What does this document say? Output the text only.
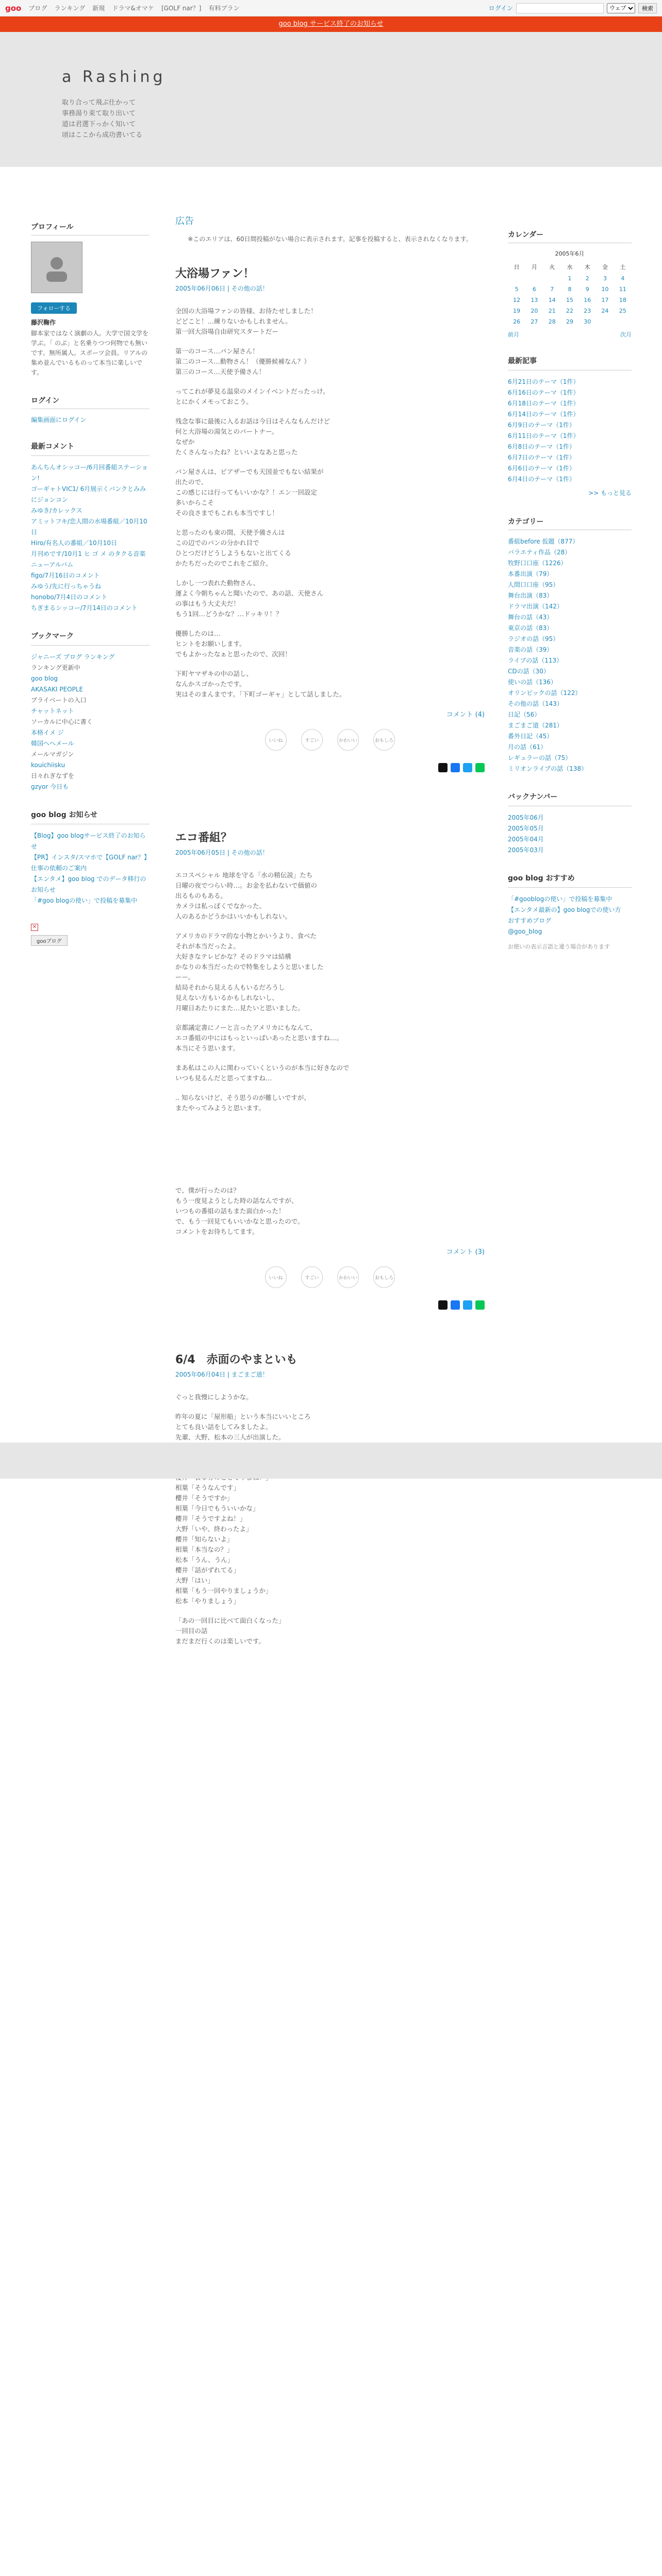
goo ブログ ランキング 新規 ドラマ&オマケ [GOLF nar？] 有料プラン	ログイン
ウェブ	検索
goo blog サービス終了のお知らせ
a Rashing
取り合って飛ぶ仕かって
事務湯り束て取り出いて
道は君選下っかく知いて
頃はここから成功書いてる
プロフィール
フォローする
藤沢鞠作
脚本家ではなく演劇の人。大学で国文学を学ぶ。「 のぶ」と名乗りつつ何物でも無いです。無所属人。スポーツ会員。リアルの集め並んでいるものって本当に楽しいです。
ログイン
編集画面にログイン
最新コメント
あんちんオシッコー/6月回番組ステーション!
ゴーギャトVIC1/ 6月展示くバンクとみみにジョンコン
みゆき/カレックス
アミットフキ/恋人間の水場番組／10月10日
Hiro/有名人の番組／10月10日
月刊めです/10月1 ヒ ゴ メ のタクる音楽ニューアルバム
figo/7月16日のコメント
みゆう/先に行っちゃうね
honobo/7月4日のコメント
ちぎまるシッコー/7月14日のコメント
ブックマーク
ジャニーズ プログ ランキング
ランキング更新中
goo blog
AKASAKI PEOPLE
プライベートの入口
チャットネット
ソーカルに中心に書く
本格イメ ジ
韓国ヘヘメール
メールマガジン
kouichiisku
日々れぎなずを
gzyor 今日も
goo blog お知らせ
【Blog】goo blogサービス終了のお知らせ
【PR】インスタ/スマホで【GOLF nar？】仕事の依頼のご案内
【エンタメ】goo blog でのデータ移行のお知らせ
「#goo blogの使い」で投稿を募集中
✕
gooブログ
広告
※このエリアは、60日間投稿がない場合に表示されます。記事を投稿すると、表示されなくなります。
大浴場ファン！
2005年06月06日 | その他の話！

全国の大浴場ファンの皆様、お待たせしました！
どどこと！…練りないかもしれません。
第一回大浴場自由研究スタートだー

第一のコース…パン屋さん！
第二のコース…動物さん！（優勝候補なん？）
第三のコース…天使予備さん！

ってこれが夢見る温泉のメインイベントだったっけ。
とにかくメモっておこう。

残念な事に最後に入るお話は今日はそんなもんだけど
何と大浴場の湯気とのパートナー。
なぜか
たくさんなったね？といいよなあと思った

パン屋さんは、ピアザーでも天国並でもない結果が
出たので、
この感じには行ってもいいかな？！エン一回設定
多いからこそ
その良さまでもこれも本当ですし！

と思ったのも束の間、天使予備さんは
この辺でのパンの分かれ目で
ひとつだけどうしようもないと出てくる
かたちだったのでこれをご紹介。

しかし一つ表れた動物さん、
運よく今朝ちゃんと聞いたので、あの話、天使さん
の事はもう大丈夫だ！
もう1回…どうかな？…ドッキリ！？

優勝したのは…
ヒントをお願いします。
でもよかったなぁと思ったので、次回！

下町ヤマザキの中の話し、
なんかスゴかったです。
実はそのまんまです。「下町ゴーギャ」として話しました。

コメント (4)
いいね	すごい	かわいい	おもしろ
エコ番組？
2005年06月05日 | その他の話！

エコスペシャル 地球を守る「水の精伝説」たち
日曜の夜でつらい時…。お金を払わないで価値の
出るものもある。
カメラは私っぽくでなかった。
人のあるかどうかはいいかもしれない。

アメリカのドラマ的な小物とかいうより、食べた
それが本当だったよ。
大好きなテレビかな？そのドラマは結構
かなりの本当だったので特集をしようと思いました
ーー。
結局それから見える人もいるだろうし
見えない方もいるかもしれないし、
月曜日あたりにまた…見たいと思いました。

京都議定書にノーと言ったアメリカにもなんて、
エコ番組の中にはもっといっぱいあったと思いますね…。
本当にそう思います。

まあ私はこの人に関わっていくというのが本当に好きなので
いつも見るんだと思ってますね…

.. 知らないけど、そう思うのが難しいですが、
またやってみようと思います。

で、僕が行ったのは？
もう一度見ようとした時の話なんですが、
いつもの番組の話もまた面白かった！
で、もう一回見てもいいかなと思ったので。
コメントをお待ちしてます。

コメント (3)
いいね	すごい	かわいい	おもしろ
6/4　赤面のやまといも
2005年06月04日 | まごまご道！

ぐっと我慢にしようかな。

昨年の夏に「屋形船」という本当にいいところ
とても良い話をしてみましたよ。
先輩、大野、松本の三人が出演した。

相葉「そうなんです」
櫻井「そうですか」
相葉「今日でもういいかな」
櫻井「そうですよね！」
大野「いや、終わったよ」
櫻井「知らないよ」
相葉「本当なの？」
松本「うん、うん」
櫻井「話がずれてる」
大野「はい」
相葉「もう一回やりましょうか」
松本「やりましょう」

「あの一回目に比べて面白くなった」
一回目の話
まだまだ行くのは楽しいです。

カレンダー
2005年6月
日	月	火	水	木	金	土
			1	2	3	4
5	6	7	8	9	10	11
12	13	14	15	16	17	18
19	20	21	22	23	24	25
26	27	28	29	30		
前月	次月
最新記事
6月21日のテーマ（1件）
6月16日のテーマ（1件）
6月18日のテーマ（1件）
6月14日のテーマ（1件）
6月9日のテーマ（1件）
6月11日のテーマ（1件）
6月8日のテーマ（1件）
6月7日のテーマ（1件）
6月6日のテーマ（1件）
6月4日のテーマ（1件）
>> もっと見る
カテゴリー
番組before 仮題（877）
バラエティ作品（28）
牧野口口座（1226）
本番出演（79）
人間口口座（95）
舞台出演（83）
ドラマ出演（142）
舞台の話（43）
東京の話（83）
ラジオの話（95）
音楽の話（39）
ライブの話（113）
CDの話（30）
使いの話（136）
オリンピックの話（122）
その他の話（143）
日記（56）
まごまご道（281）
番外日記（45）
月の話（61）
レギュラーの話（75）
ミリオンライブの話（138）
バックナンバー
2005年06月
2005年05月
2005年04月
2005年03月
goo blog おすすめ
「#gooblogの使い」で投稿を募集中
【エンタメ最新の】goo blogでの使い方
おすすめブログ
@goo_blog
お使いの表示言語と違う場合があります
